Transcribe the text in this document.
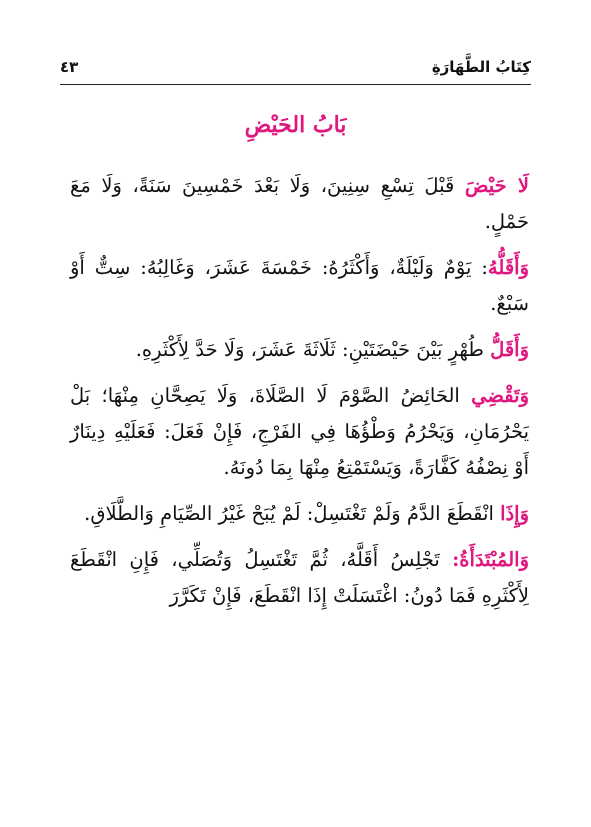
كِتَابُ الطَّهَارَةِ
٤٣
بَابُ الحَيْضِ

لَا حَيْضَ قَبْلَ تِسْعِ سِنِينَ، وَلَا بَعْدَ خَمْسِينَ سَنَةً، وَلَا مَعَ حَمْلٍ.

وَأَقَلُّهُ: يَوْمٌ وَلَيْلَةٌ، وَأَكْثَرُهُ: خَمْسَةَ عَشَرَ، وَغَالِبُهُ: سِتٌّ أَوْ سَبْعٌ.

وَأَقَلُّ طُهْرٍ بَيْنَ حَيْضَتَيْنِ: ثَلَاثَةَ عَشَرَ، وَلَا حَدَّ لِأَكْثَرِهِ.

وَتَقْضِي الحَائِضُ الصَّوْمَ لَا الصَّلَاةَ، وَلَا يَصِحَّانِ مِنْهَا؛ بَلْ يَحْرُمَانِ، وَيَحْرُمُ وَطْؤُهَا فِي الفَرْجِ، فَإِنْ فَعَلَ: فَعَلَيْهِ دِينَارٌ أَوْ نِصْفُهُ كَفَّارَةً، وَيَسْتَمْتِعُ مِنْهَا بِمَا دُونَهُ.

وَإِذَا انْقَطَعَ الدَّمُ وَلَمْ تَغْتَسِلْ: لَمْ يُبَحْ غَيْرُ الصِّيَامِ وَالطَّلَاقِ.

وَالمُبْتَدَأَةُ: تَجْلِسُ أَقَلَّهُ، ثُمَّ تَغْتَسِلُ وَتُصَلِّي، فَإِنِ انْقَطَعَ لِأَكْثَرِهِ فَمَا دُونُ: اغْتَسَلَتْ إِذَا انْقَطَعَ، فَإِنْ تَكَرَّرَ
